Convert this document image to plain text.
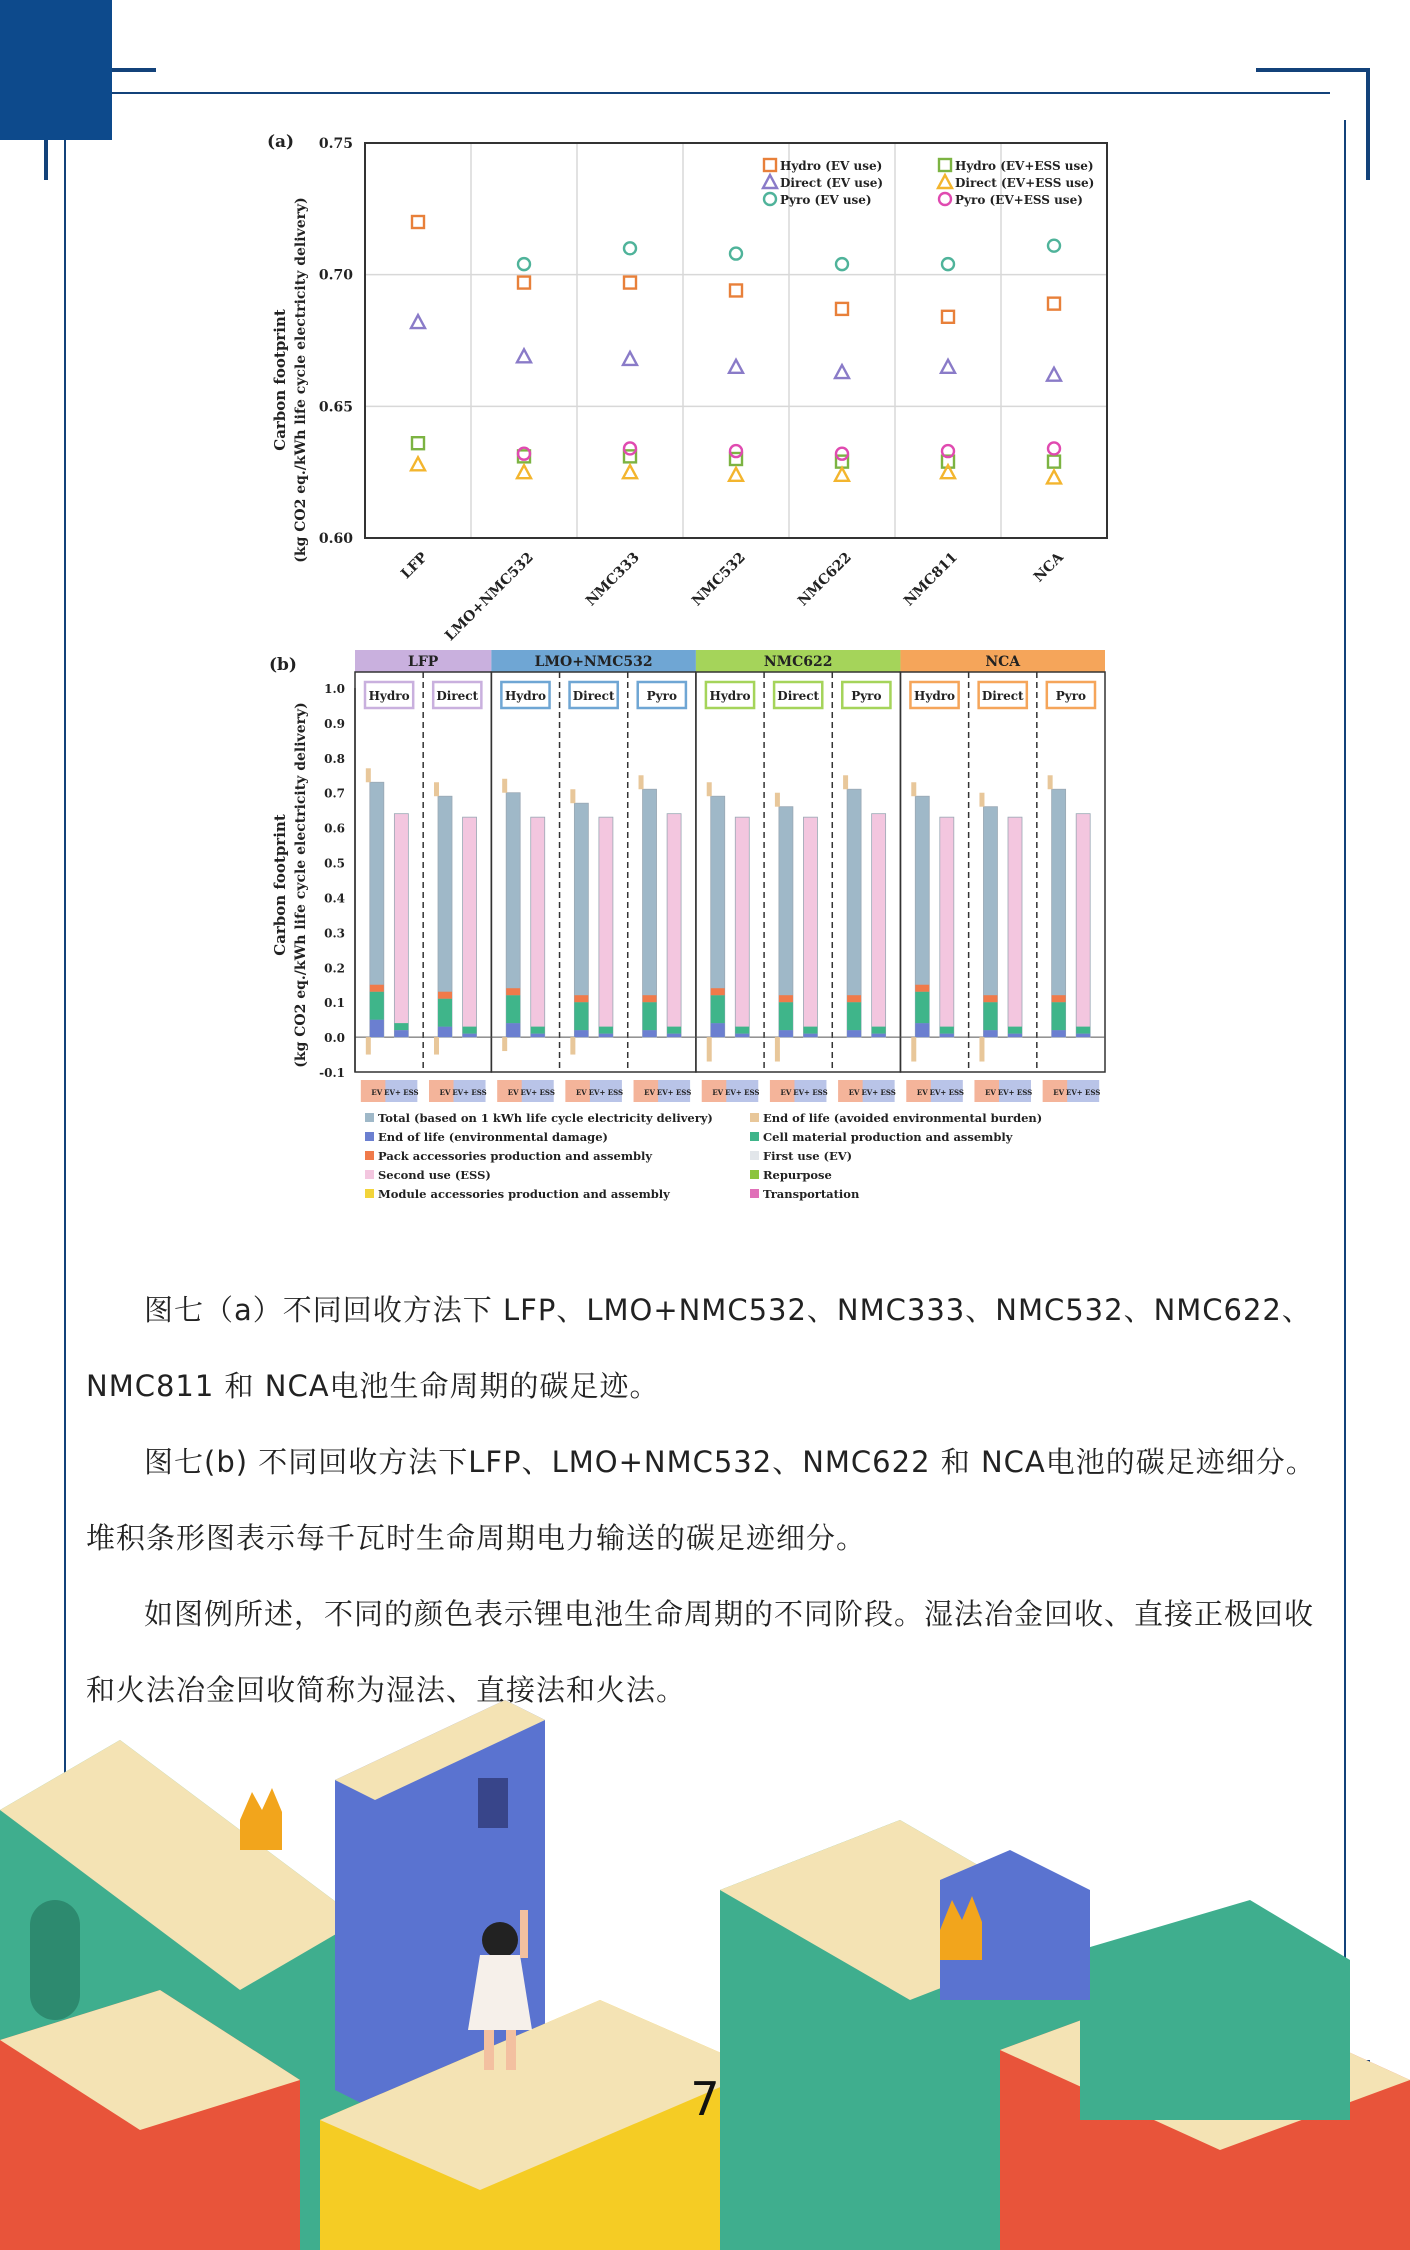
(a)
Carbon footprint (kg CO2 eq./kWh life cycle electricity delivery) 0.60
0.65
0.70
0.75
LFP LMO+NMC532	NMC333	NMC532	NMC622	NMC811	NCA
Hydro (EV use)	Hydro (EV+ESS use)
Direct (EV use)	Direct (EV+ESS use)
Pyro (EV use)	Pyro (EV+ESS use)
(b)
Carbon footprint (kg CO2 eq./kWh life cycle electricity delivery)
LFP
Hydro Direct
LMO+NMC532
Hydro Direct	Pyro
NMC622
Hydro Direct	Pyro
NCA
Hydro Direct	Pyro
-0.1
0.0
0.1
0.2
0.3
0.4
0.5
0.6
0.7
0.8
0.9
1.0
EV EV+ ESS	EV EV+ ESS	EV EV+ ESS	EV EV+ ESS	EV EV+ ESS	EV EV+ ESS	EV EV+ ESS	EV EV+ ESS	EV EV+ ESS	EV EV+ ESS	EV EV+ ESS
Total (based on 1 kWh life cycle electricity delivery)	End of life (avoided environmental burden)
End of life (environmental damage)	Cell material production and assembly
Pack accessories production and assembly	First use (EV)
Second use (ESS)	Repurpose
Module accessories production and assembly	Transportation
图七（a）不同回收方法下 LFP、LMO+NMC532、NMC333、NMC532、NMC622、NMC811 和 NCA电池生命周期的碳足迹。
图七(b) 不同回收方法下LFP、LMO+NMC532、NMC622 和 NCA电池的碳足迹细分。堆积条形图表示每千瓦时生命周期电力输送的碳足迹细分。
如图例所述，不同的颜色表示锂电池生命周期的不同阶段。湿法冶金回收、直接正极回收和火法冶金回收简称为湿法、直接法和火法。
7
